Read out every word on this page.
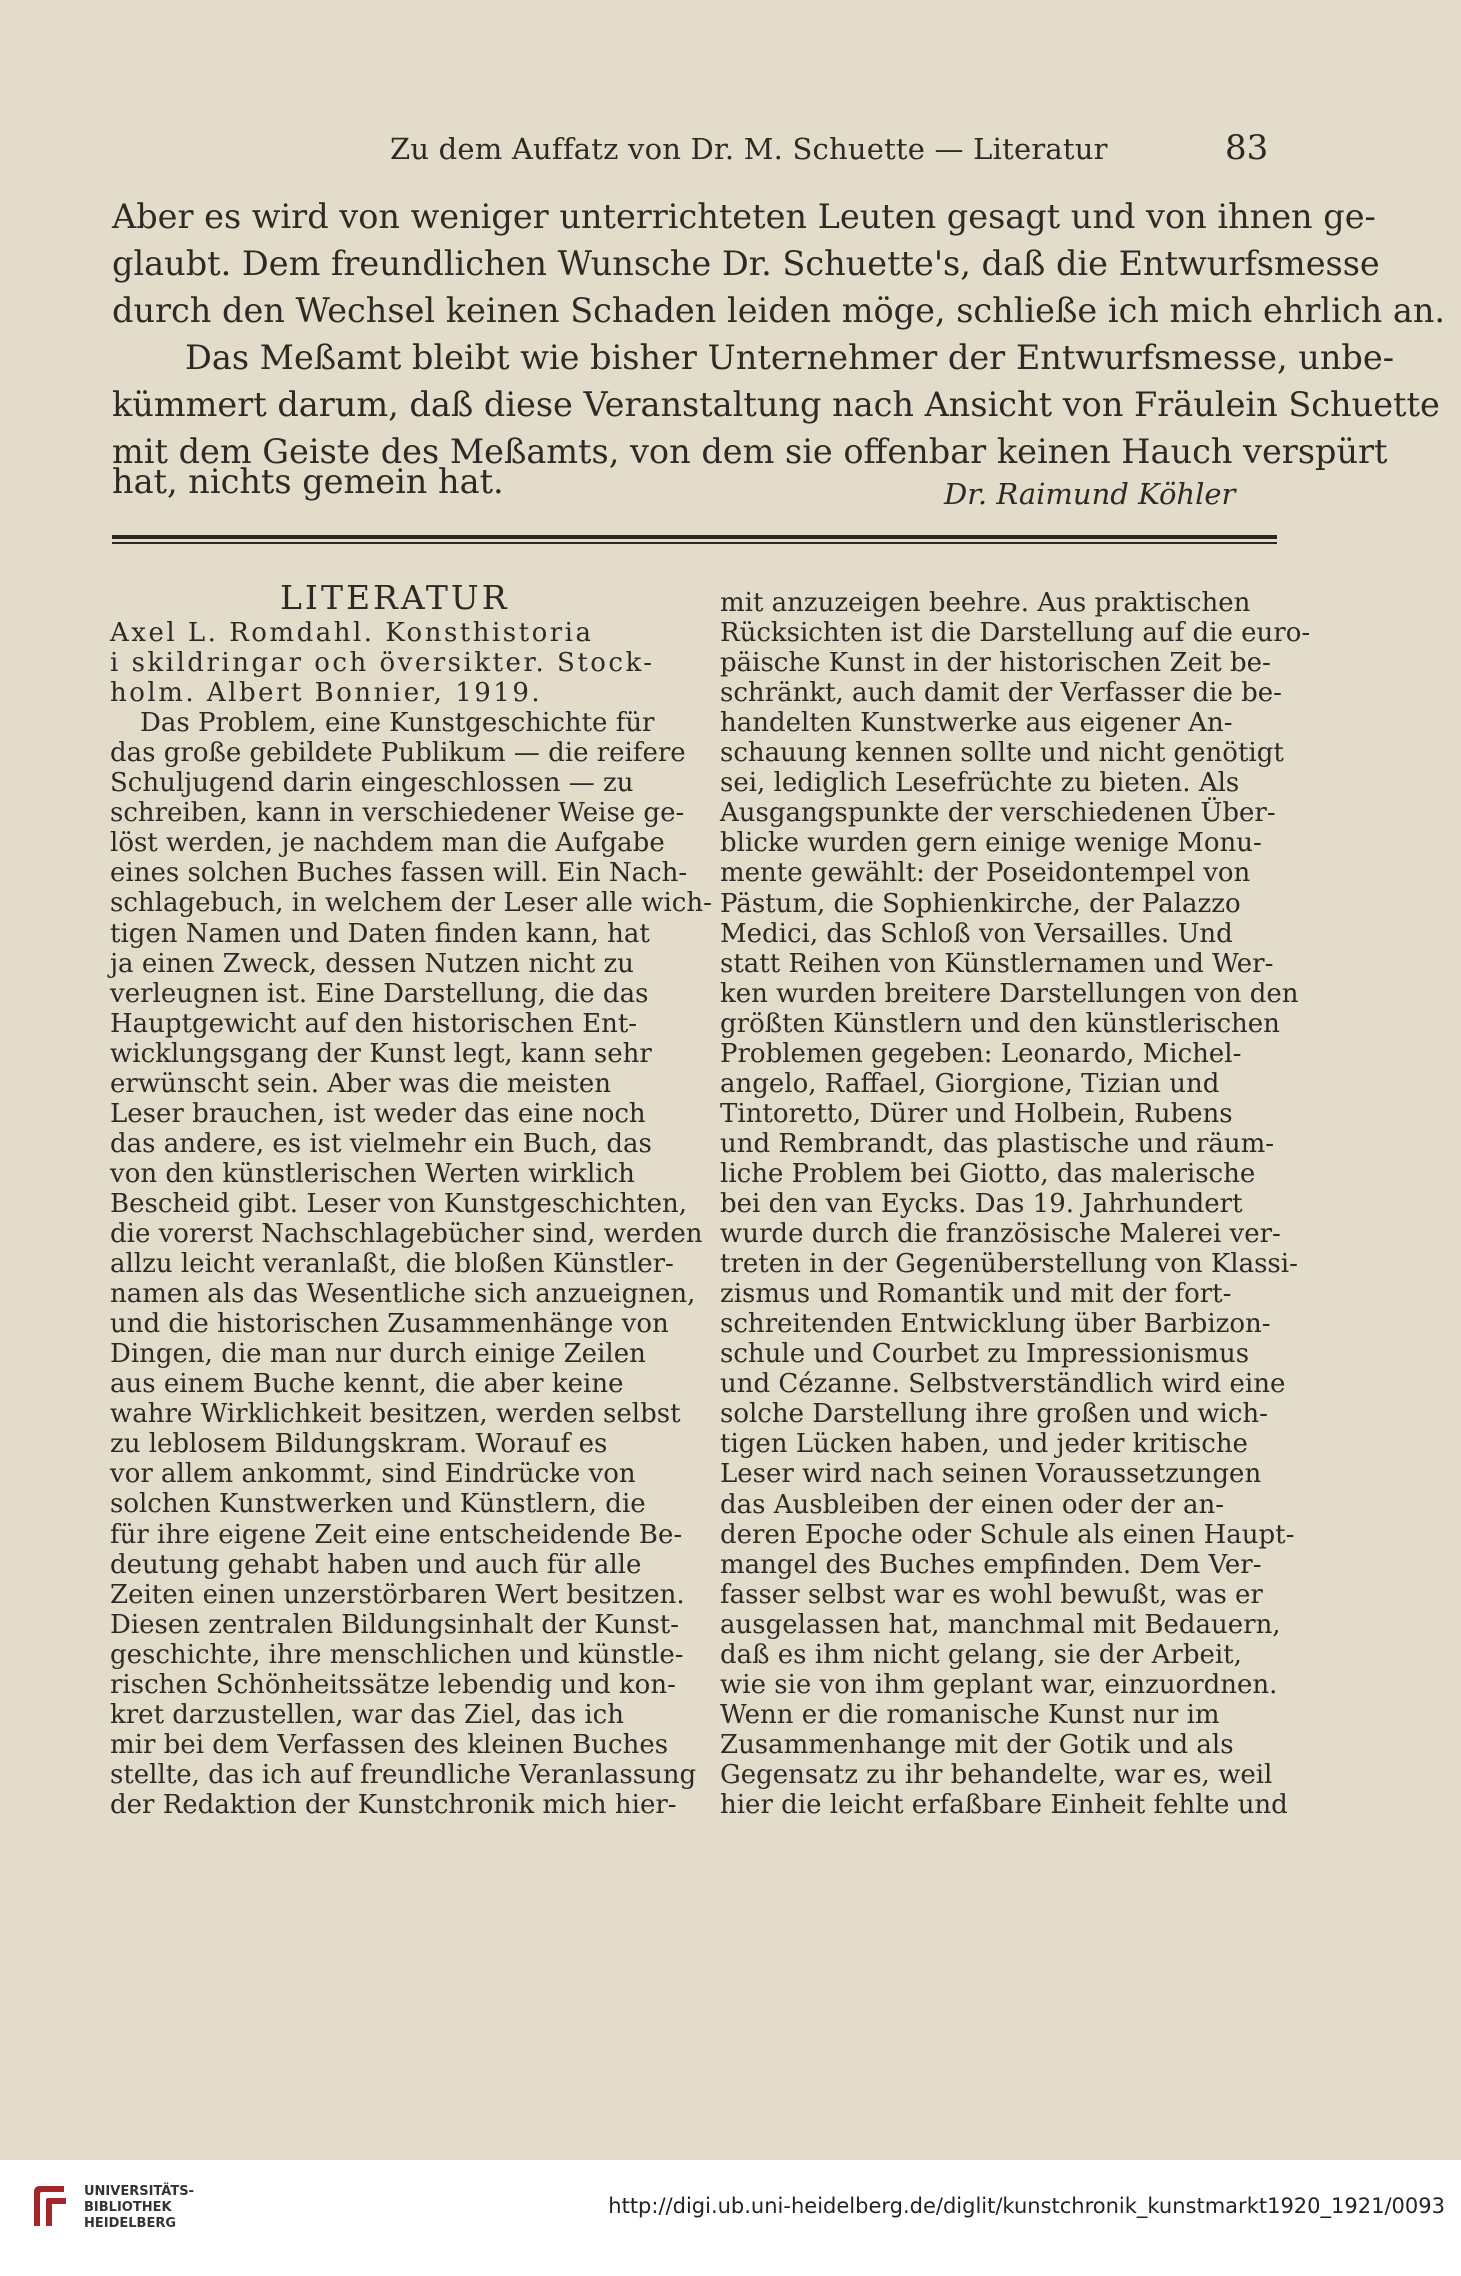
Zu dem Auffatz von Dr. M. Schuette — Literatur	83
Aber es wird von weniger unterrichteten Leuten gesagt und von ihnen ge-
glaubt. Dem freundlichen Wunsche Dr. Schuette's, daß die Entwurfsmesse
durch den Wechsel keinen Schaden leiden möge, schließe ich mich ehrlich an.
Das Meßamt bleibt wie bisher Unternehmer der Entwurfsmesse, unbe-
kümmert darum, daß diese Veranstaltung nach Ansicht von Fräulein Schuette
mit dem Geiste des Meßamts, von dem sie offenbar keinen Hauch verspürt
hat, nichts gemein hat.	Dr. Raimund Köhler
LITERATUR
Axel L. Romdahl. Konsthistoria
i skildringar och översikter. Stock-
holm. Albert Bonnier, 1919.
Das Problem, eine Kunstgeschichte für
das große gebildete Publikum — die reifere
Schuljugend darin eingeschlossen — zu
schreiben, kann in verschiedener Weise ge-
löst werden, je nachdem man die Aufgabe
eines solchen Buches fassen will. Ein Nach-
schlagebuch, in welchem der Leser alle wich-
tigen Namen und Daten finden kann, hat
ja einen Zweck, dessen Nutzen nicht zu
verleugnen ist. Eine Darstellung, die das
Hauptgewicht auf den historischen Ent-
wicklungsgang der Kunst legt, kann sehr
erwünscht sein. Aber was die meisten
Leser brauchen, ist weder das eine noch
das andere, es ist vielmehr ein Buch, das
von den künstlerischen Werten wirklich
Bescheid gibt. Leser von Kunstgeschichten,
die vorerst Nachschlagebücher sind, werden
allzu leicht veranlaßt, die bloßen Künstler-
namen als das Wesentliche sich anzueignen,
und die historischen Zusammenhänge von
Dingen, die man nur durch einige Zeilen
aus einem Buche kennt, die aber keine
wahre Wirklichkeit besitzen, werden selbst
zu leblosem Bildungskram. Worauf es
vor allem ankommt, sind Eindrücke von
solchen Kunstwerken und Künstlern, die
für ihre eigene Zeit eine entscheidende Be-
deutung gehabt haben und auch für alle
Zeiten einen unzerstörbaren Wert besitzen.
Diesen zentralen Bildungsinhalt der Kunst-
geschichte, ihre menschlichen und künstle-
rischen Schönheitssätze lebendig und kon-
kret darzustellen, war das Ziel, das ich
mir bei dem Verfassen des kleinen Buches
stellte, das ich auf freundliche Veranlassung
der Redaktion der Kunstchronik mich hier-
mit anzuzeigen beehre. Aus praktischen
Rücksichten ist die Darstellung auf die euro-
päische Kunst in der historischen Zeit be-
schränkt, auch damit der Verfasser die be-
handelten Kunstwerke aus eigener An-
schauung kennen sollte und nicht genötigt
sei, lediglich Lesefrüchte zu bieten. Als
Ausgangspunkte der verschiedenen Über-
blicke wurden gern einige wenige Monu-
mente gewählt: der Poseidontempel von
Pästum, die Sophienkirche, der Palazzo
Medici, das Schloß von Versailles. Und
statt Reihen von Künstlernamen und Wer-
ken wurden breitere Darstellungen von den
größten Künstlern und den künstlerischen
Problemen gegeben: Leonardo, Michel-
angelo, Raffael, Giorgione, Tizian und
Tintoretto, Dürer und Holbein, Rubens
und Rembrandt, das plastische und räum-
liche Problem bei Giotto, das malerische
bei den van Eycks. Das 19. Jahrhundert
wurde durch die französische Malerei ver-
treten in der Gegenüberstellung von Klassi-
zismus und Romantik und mit der fort-
schreitenden Entwicklung über Barbizon-
schule und Courbet zu Impressionismus
und Cézanne. Selbstverständlich wird eine
solche Darstellung ihre großen und wich-
tigen Lücken haben, und jeder kritische
Leser wird nach seinen Voraussetzungen
das Ausbleiben der einen oder der an-
deren Epoche oder Schule als einen Haupt-
mangel des Buches empfinden. Dem Ver-
fasser selbst war es wohl bewußt, was er
ausgelassen hat, manchmal mit Bedauern,
daß es ihm nicht gelang, sie der Arbeit,
wie sie von ihm geplant war, einzuordnen.
Wenn er die romanische Kunst nur im
Zusammenhange mit der Gotik und als
Gegensatz zu ihr behandelte, war es, weil
hier die leicht erfaßbare Einheit fehlte und
UNIVERSITÄTS-
BIBLIOTHEK
HEIDELBERG
http://digi.ub.uni-heidelberg.de/diglit/kunstchronik_kunstmarkt1920_1921/0093
